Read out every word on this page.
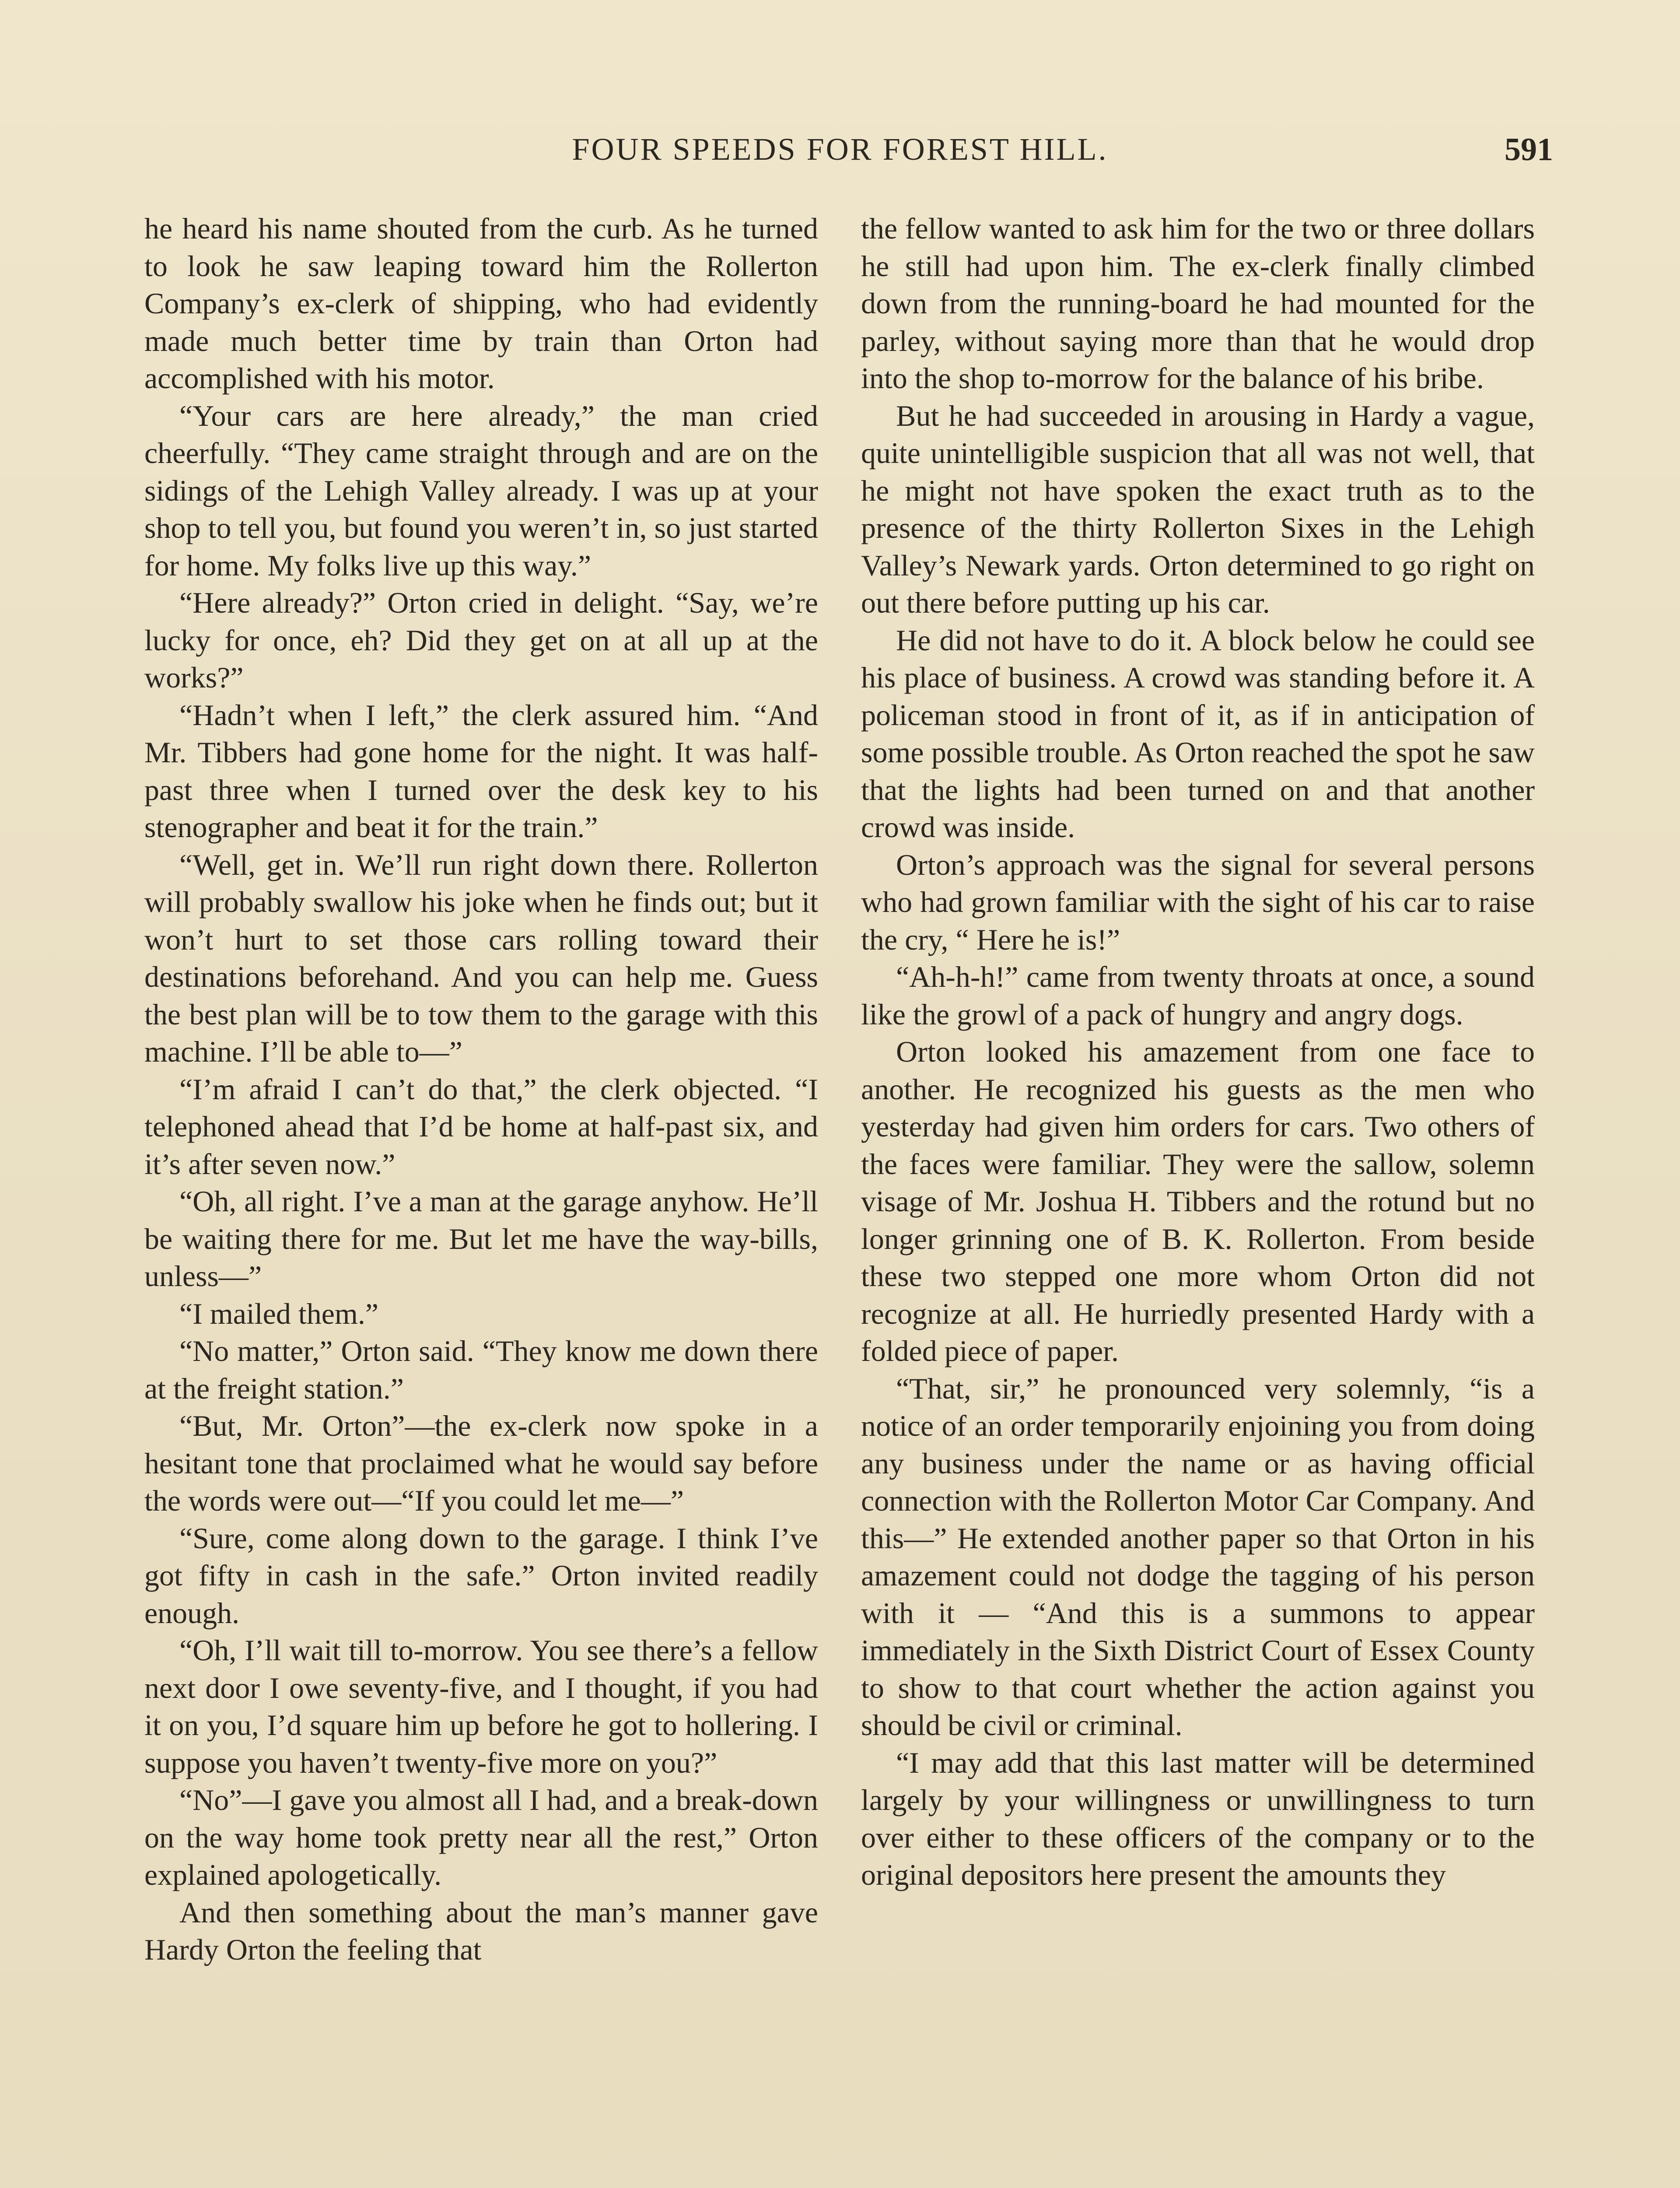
FOUR SPEEDS FOR FOREST HILL.	591

he heard his name shouted from the curb. As he turned to look he saw leaping toward him the Rollerton Company’s ex-clerk of shipping, who had evidently made much better time by train than Orton had accomplished with his motor.

“Your cars are here already,” the man cried cheerfully. “They came straight through and are on the sidings of the Lehigh Valley already. I was up at your shop to tell you, but found you weren’t in, so just started for home. My folks live up this way.”

“Here already?” Orton cried in delight. “Say, we’re lucky for once, eh? Did they get on at all up at the works?”

“Hadn’t when I left,” the clerk assured him. “And Mr. Tibbers had gone home for the night. It was half-past three when I turned over the desk key to his stenographer and beat it for the train.”

“Well, get in. We’ll run right down there. Rollerton will probably swallow his joke when he finds out; but it won’t hurt to set those cars rolling toward their destinations beforehand. And you can help me. Guess the best plan will be to tow them to the garage with this machine. I’ll be able to—”

“I’m afraid I can’t do that,” the clerk objected. “I telephoned ahead that I’d be home at half-past six, and it’s after seven now.”

“Oh, all right. I’ve a man at the garage anyhow. He’ll be waiting there for me. But let me have the way-bills, unless—”

“I mailed them.”

“No matter,” Orton said. “They know me down there at the freight station.”

“But, Mr. Orton”—the ex-clerk now spoke in a hesitant tone that proclaimed what he would say before the words were out—“If you could let me—”

“Sure, come along down to the garage. I think I’ve got fifty in cash in the safe.” Orton invited readily enough.

“Oh, I’ll wait till to-morrow. You see there’s a fellow next door I owe seventy-five, and I thought, if you had it on you, I’d square him up before he got to hollering. I suppose you haven’t twenty-five more on you?”

“No”—I gave you almost all I had, and a break-down on the way home took pretty near all the rest,” Orton explained apologetically.

And then something about the man’s manner gave Hardy Orton the feeling that

the fellow wanted to ask him for the two or three dollars he still had upon him. The ex-clerk finally climbed down from the running-board he had mounted for the parley, without saying more than that he would drop into the shop to-morrow for the balance of his bribe.

But he had succeeded in arousing in Hardy a vague, quite unintelligible suspicion that all was not well, that he might not have spoken the exact truth as to the presence of the thirty Rollerton Sixes in the Lehigh Valley’s Newark yards. Orton determined to go right on out there before putting up his car.

He did not have to do it. A block below he could see his place of business. A crowd was standing before it. A policeman stood in front of it, as if in anticipation of some possible trouble. As Orton reached the spot he saw that the lights had been turned on and that another crowd was inside.

Orton’s approach was the signal for several persons who had grown familiar with the sight of his car to raise the cry, “ Here he is!”

“Ah-h-h!” came from twenty throats at once, a sound like the growl of a pack of hungry and angry dogs.

Orton looked his amazement from one face to another. He recognized his guests as the men who yesterday had given him orders for cars. Two others of the faces were familiar. They were the sallow, solemn visage of Mr. Joshua H. Tibbers and the rotund but no longer grinning one of B. K. Rollerton. From beside these two stepped one more whom Orton did not recognize at all. He hurriedly presented Hardy with a folded piece of paper.

“That, sir,” he pronounced very solemnly, “is a notice of an order temporarily enjoining you from doing any business under the name or as having official connection with the Rollerton Motor Car Company. And this—” He extended another paper so that Orton in his amazement could not dodge the tagging of his person with it — “And this is a summons to appear immediately in the Sixth District Court of Essex County to show to that court whether the action against you should be civil or criminal.

“I may add that this last matter will be determined largely by your willingness or unwillingness to turn over either to these officers of the company or to the original depositors here present the amounts they
